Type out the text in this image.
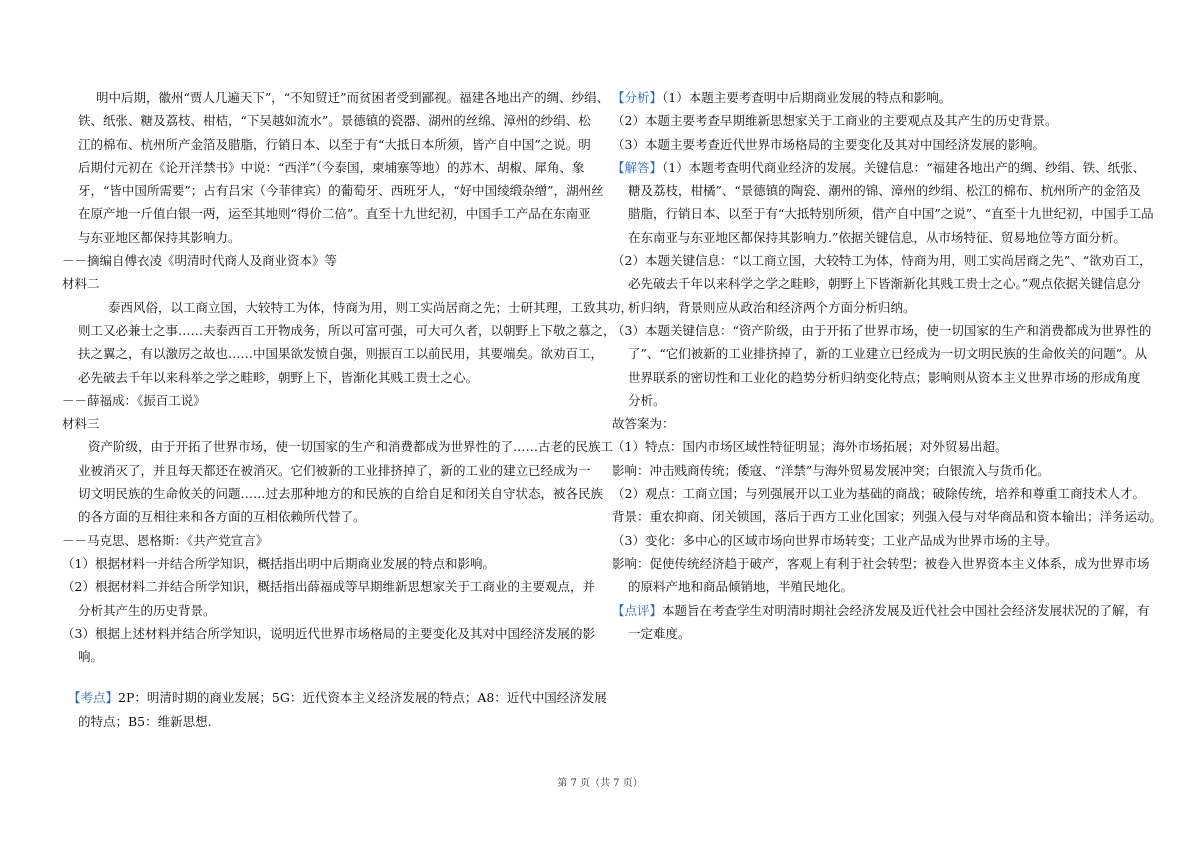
明中后期，徽州“贾人几遍天下”，“不知贸迁”而贫困者受到鄙视。福建各地出产的绸、纱绢、

铁、纸张、糖及荔枝、柑桔，“下吴越如流水”。景德镇的瓷器、湖州的丝绵、漳州的纱绢、松

江的棉布、杭州所产金箔及腊脂，行销日本、以至于有“大抵日本所须，皆产自中国”之说。明

后期付元初在《论开洋禁书》中说：“西洋”（今泰国，柬埔寨等地）的苏木、胡椒、犀角、象

牙，“皆中国所需要”；占有吕宋（今菲律宾）的葡萄牙、西班牙人，“好中国绫缎杂缯”，湖州丝

在原产地一斤值白银一两，运至其地则“得价二倍”。直至十九世纪初，中国手工产品在东南亚

与东亚地区都保持其影响力。

－－摘编自傅衣凌《明清时代商人及商业资本》等

材料二

泰西风俗，以工商立国，大较特工为体，恃商为用，则工实尚居商之先；士研其理，工致其功，

则工又必兼士之事……夫泰西百工开物成务，所以可富可强，可大可久者，以朝野上下敬之慕之，

扶之翼之，有以激厉之故也……中国果欲发愤自强，则振百工以前民用，其要端矣。欲劝百工，

必先破去千年以来科举之学之畦畛，朝野上下，皆渐化其贱工贵士之心。

－－薛福成：《振百工说》

材料三

资产阶级，由于开拓了世界市场，使一切国家的生产和消费都成为世界性的了……古老的民族工

业被消灭了，并且每天都还在被消灭。它们被新的工业排挤掉了，新的工业的建立已经成为一

切文明民族的生命攸关的问题……过去那种地方的和民族的自给自足和闭关自守状态，被各民族

的各方面的互相往来和各方面的互相依赖所代替了。

－－马克思、恩格斯：《共产党宣言》

（1）根据材料一并结合所学知识，概括指出明中后期商业发展的特点和影响。

（2）根据材料二并结合所学知识，概括指出薛福成等早期维新思想家关于工商业的主要观点，并

分析其产生的历史背景。

（3）根据上述材料并结合所学知识，说明近代世界市场格局的主要变化及其对中国经济发展的影

响。

【考点】2P：明清时期的商业发展；5G：近代资本主义经济发展的特点；A8：近代中国经济发展

的特点；B5：维新思想.

【分析】（1）本题主要考查明中后期商业发展的特点和影响。

（2）本题主要考查早期维新思想家关于工商业的主要观点及其产生的历史背景。

（3）本题主要考查近代世界市场格局的主要变化及其对中国经济发展的影响。

【解答】（1）本题考查明代商业经济的发展。关键信息：“福建各地出产的绸、纱绢、铁、纸张、

糖及荔枝，柑橘”、“景德镇的陶瓷、潮州的锦、漳州的纱绢、松江的棉布、杭州所产的金箔及

腊脂，行销日本、以至于有“大抵特别所须，借产自中国”之说”、“直至十九世纪初，中国手工品

在东南亚与东亚地区都保持其影响力.”依据关键信息，从市场特征、贸易地位等方面分析。

（2）本题关键信息：“以工商立国，大较特工为体，恃商为用，则工实尚居商之先”、“欲劝百工，

必先破去千年以来科学之学之畦畛，朝野上下皆渐新化其贱工贵士之心。”观点依据关键信息分

析归纳，背景则应从政治和经济两个方面分析归纳。

（3）本题关键信息：“资产阶级，由于开拓了世界市场，使一切国家的生产和消费都成为世界性的

了”、“它们被新的工业排挤掉了，新的工业建立已经成为一切文明民族的生命攸关的问题”。从

世界联系的密切性和工业化的趋势分析归纳变化特点；影响则从资本主义世界市场的形成角度

分析。

故答案为：

（1）特点：国内市场区域性特征明显；海外市场拓展；对外贸易出超。

影响：冲击贱商传统；倭寇、“洋禁”与海外贸易发展冲突；白银流入与货币化。

（2）观点：工商立国；与列强展开以工业为基础的商战；破除传统，培养和尊重工商技术人才。

背景：重农抑商、闭关锁国，落后于西方工业化国家；列强入侵与对华商品和资本输出；洋务运动。

（3）变化：多中心的区域市场向世界市场转变；工业产品成为世界市场的主导。

影响：促使传统经济趋于破产，客观上有利于社会转型；被卷入世界资本主义体系，成为世界市场

的原料产地和商品倾销地，半殖民地化。

【点评】本题旨在考查学生对明清时期社会经济发展及近代社会中国社会经济发展状况的了解，有

一定难度。

第 7 页（共 7 页）
